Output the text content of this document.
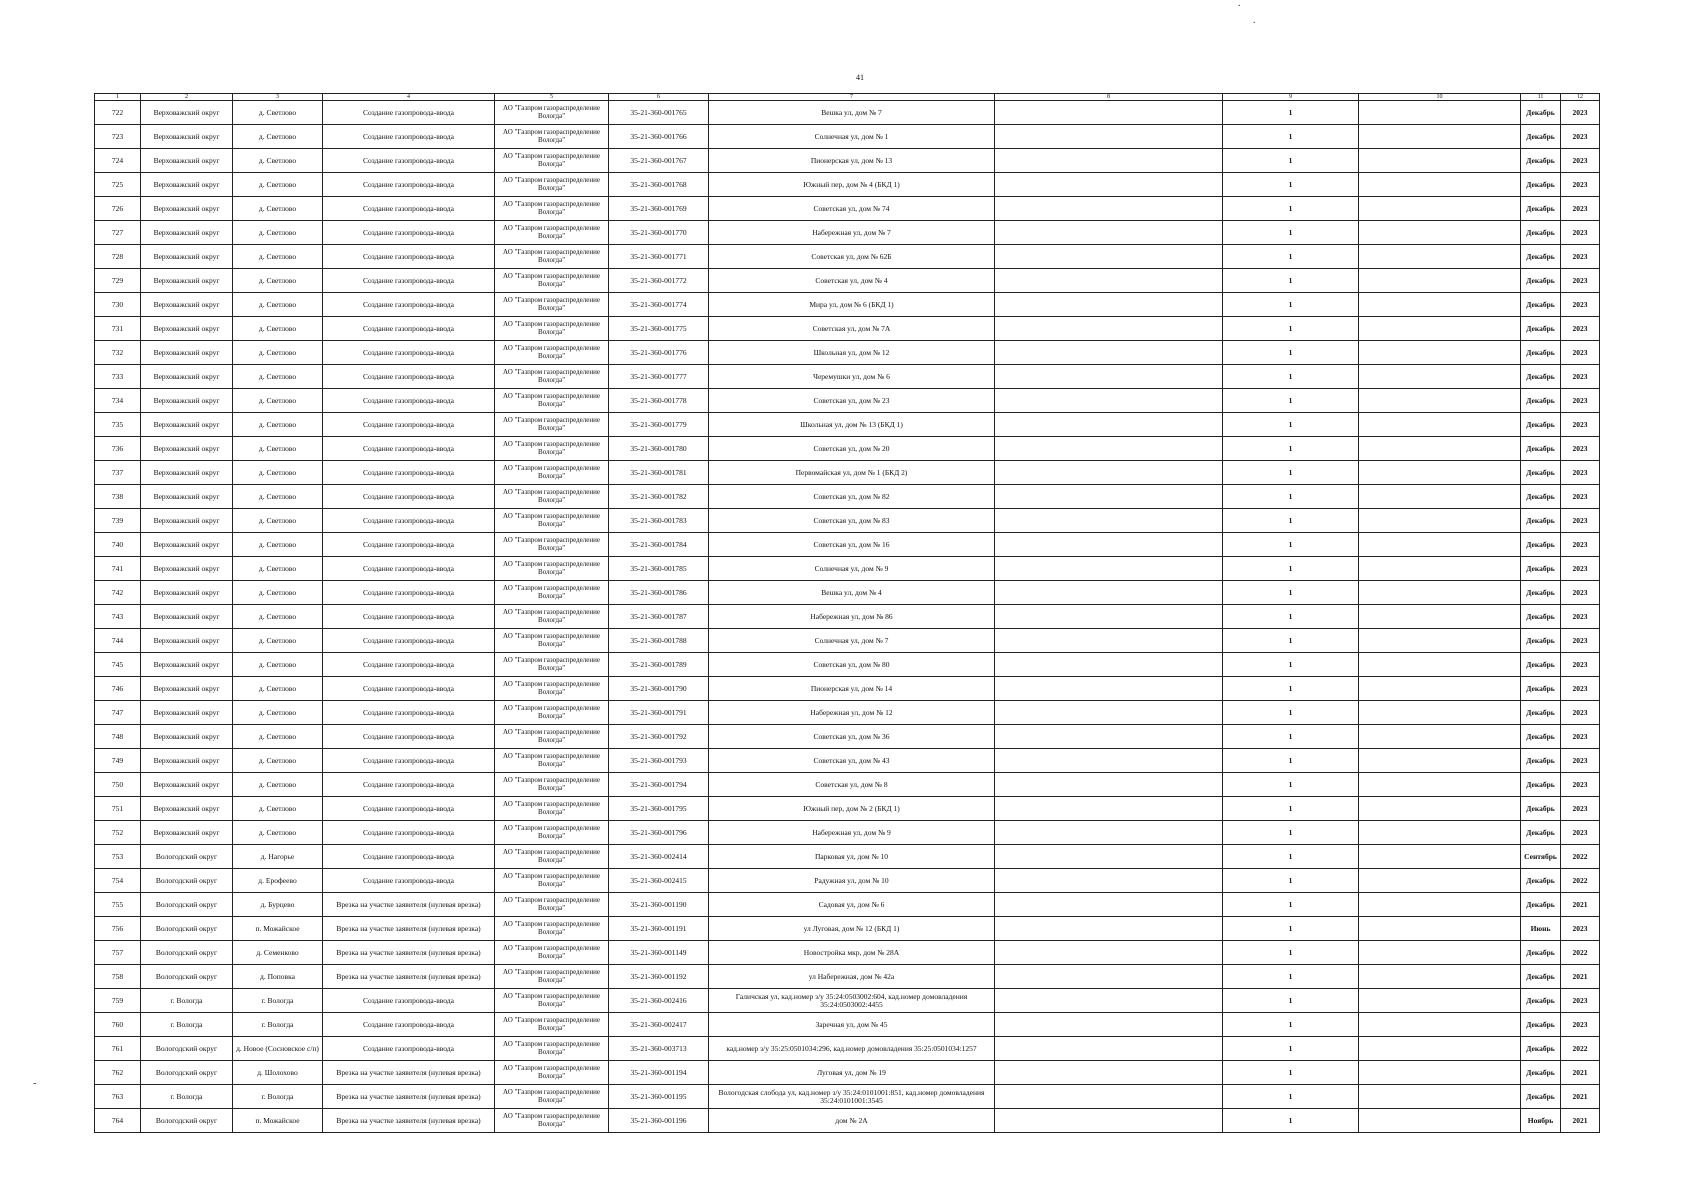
41
.
.
-
1	2	3	4	5	6	7	8	9	10	11	12
722	Верховажский округ	д. Светлово	Создание газопровода-ввода	АО "Газпром газораспределение Вологда"	35-21-360-001765	Вешка ул, дом № 7		1		Декабрь	2023
723	Верховажский округ	д. Светлово	Создание газопровода-ввода	АО "Газпром газораспределение Вологда"	35-21-360-001766	Солнечная ул, дом № 1		1		Декабрь	2023
724	Верховажский округ	д. Светлово	Создание газопровода-ввода	АО "Газпром газораспределение Вологда"	35-21-360-001767	Пионерская ул, дом № 13		1		Декабрь	2023
725	Верховажский округ	д. Светлово	Создание газопровода-ввода	АО "Газпром газораспределение Вологда"	35-21-360-001768	Южный пер, дом № 4 (БКД 1)		1		Декабрь	2023
726	Верховажский округ	д. Светлово	Создание газопровода-ввода	АО "Газпром газораспределение Вологда"	35-21-360-001769	Советская ул, дом № 74		1		Декабрь	2023
727	Верховажский округ	д. Светлово	Создание газопровода-ввода	АО "Газпром газораспределение Вологда"	35-21-360-001770	Набережная ул, дом № 7		1		Декабрь	2023
728	Верховажский округ	д. Светлово	Создание газопровода-ввода	АО "Газпром газораспределение Вологда"	35-21-360-001771	Советская ул, дом № 62Б		1		Декабрь	2023
729	Верховажский округ	д. Светлово	Создание газопровода-ввода	АО "Газпром газораспределение Вологда"	35-21-360-001772	Советская ул, дом № 4		1		Декабрь	2023
730	Верховажский округ	д. Светлово	Создание газопровода-ввода	АО "Газпром газораспределение Вологда"	35-21-360-001774	Мира ул, дом № 6 (БКД 1)		1		Декабрь	2023
731	Верховажский округ	д. Светлово	Создание газопровода-ввода	АО "Газпром газораспределение Вологда"	35-21-360-001775	Советская ул, дом № 7А		1		Декабрь	2023
732	Верховажский округ	д. Светлово	Создание газопровода-ввода	АО "Газпром газораспределение Вологда"	35-21-360-001776	Школьная ул, дом № 12		1		Декабрь	2023
733	Верховажский округ	д. Светлово	Создание газопровода-ввода	АО "Газпром газораспределение Вологда"	35-21-360-001777	Черемушки ул, дом № 6		1		Декабрь	2023
734	Верховажский округ	д. Светлово	Создание газопровода-ввода	АО "Газпром газораспределение Вологда"	35-21-360-001778	Советская ул, дом № 23		1		Декабрь	2023
735	Верховажский округ	д. Светлово	Создание газопровода-ввода	АО "Газпром газораспределение Вологда"	35-21-360-001779	Школьная ул, дом № 13 (БКД 1)		1		Декабрь	2023
736	Верховажский округ	д. Светлово	Создание газопровода-ввода	АО "Газпром газораспределение Вологда"	35-21-360-001780	Советская ул, дом № 20		1		Декабрь	2023
737	Верховажский округ	д. Светлово	Создание газопровода-ввода	АО "Газпром газораспределение Вологда"	35-21-360-001781	Первомайская ул, дом № 1 (БКД 2)		1		Декабрь	2023
738	Верховажский округ	д. Светлово	Создание газопровода-ввода	АО "Газпром газораспределение Вологда"	35-21-360-001782	Советская ул, дом № 82		1		Декабрь	2023
739	Верховажский округ	д. Светлово	Создание газопровода-ввода	АО "Газпром газораспределение Вологда"	35-21-360-001783	Советская ул, дом № 83		1		Декабрь	2023
740	Верховажский округ	д. Светлово	Создание газопровода-ввода	АО "Газпром газораспределение Вологда"	35-21-360-001784	Советская ул, дом № 16		1		Декабрь	2023
741	Верховажский округ	д. Светлово	Создание газопровода-ввода	АО "Газпром газораспределение Вологда"	35-21-360-001785	Солнечная ул, дом № 9		1		Декабрь	2023
742	Верховажский округ	д. Светлово	Создание газопровода-ввода	АО "Газпром газораспределение Вологда"	35-21-360-001786	Вешка ул, дом № 4		1		Декабрь	2023
743	Верховажский округ	д. Светлово	Создание газопровода-ввода	АО "Газпром газораспределение Вологда"	35-21-360-001787	Набережная ул, дом № 86		1		Декабрь	2023
744	Верховажский округ	д. Светлово	Создание газопровода-ввода	АО "Газпром газораспределение Вологда"	35-21-360-001788	Солнечная ул, дом № 7		1		Декабрь	2023
745	Верховажский округ	д. Светлово	Создание газопровода-ввода	АО "Газпром газораспределение Вологда"	35-21-360-001789	Советская ул, дом № 80		1		Декабрь	2023
746	Верховажский округ	д. Светлово	Создание газопровода-ввода	АО "Газпром газораспределение Вологда"	35-21-360-001790	Пионерская ул, дом № 14		1		Декабрь	2023
747	Верховажский округ	д. Светлово	Создание газопровода-ввода	АО "Газпром газораспределение Вологда"	35-21-360-001791	Набережная ул, дом № 12		1		Декабрь	2023
748	Верховажский округ	д. Светлово	Создание газопровода-ввода	АО "Газпром газораспределение Вологда"	35-21-360-001792	Советская ул, дом № 36		1		Декабрь	2023
749	Верховажский округ	д. Светлово	Создание газопровода-ввода	АО "Газпром газораспределение Вологда"	35-21-360-001793	Советская ул, дом № 43		1		Декабрь	2023
750	Верховажский округ	д. Светлово	Создание газопровода-ввода	АО "Газпром газораспределение Вологда"	35-21-360-001794	Советская ул, дом № 8		1		Декабрь	2023
751	Верховажский округ	д. Светлово	Создание газопровода-ввода	АО "Газпром газораспределение Вологда"	35-21-360-001795	Южный пер, дом № 2 (БКД 1)		1		Декабрь	2023
752	Верховажский округ	д. Светлово	Создание газопровода-ввода	АО "Газпром газораспределение Вологда"	35-21-360-001796	Набережная ул, дом № 9		1		Декабрь	2023
753	Вологодский округ	д. Нагорье	Создание газопровода-ввода	АО "Газпром газораспределение Вологда"	35-21-360-002414	Парковая ул, дом № 10		1		Сентябрь	2022
754	Вологодский округ	д. Ерофеево	Создание газопровода-ввода	АО "Газпром газораспределение Вологда"	35-21-360-002415	Радужная ул, дом № 10		1		Декабрь	2022
755	Вологодский округ	д. Бурцево	Врезка на участке заявителя (нулевая врезка)	АО "Газпром газораспределение Вологда"	35-21-360-001190	Садовая ул, дом № 6		1		Декабрь	2021
756	Вологодский округ	п. Можайское	Врезка на участке заявителя (нулевая врезка)	АО "Газпром газораспределение Вологда"	35-21-360-001191	ул Луговая, дом № 12 (БКД 1)		1		Июнь	2023
757	Вологодский округ	д. Семенково	Врезка на участке заявителя (нулевая врезка)	АО "Газпром газораспределение Вологда"	35-21-360-001149	Новостройка мкр, дом № 28А		1		Декабрь	2022
758	Вологодский округ	д. Поповка	Врезка на участке заявителя (нулевая врезка)	АО "Газпром газораспределение Вологда"	35-21-360-001192	ул Набережная, дом № 42а		1		Декабрь	2021
759	г. Вологда	г. Вологда	Создание газопровода-ввода	АО "Газпром газораспределение Вологда"	35-21-360-002416	Галичская ул, кад.номер з/у 35:24:0503002:604, кад.номер домовладения 35:24:0503002:4455		1		Декабрь	2023
760	г. Вологда	г. Вологда	Создание газопровода-ввода	АО "Газпром газораспределение Вологда"	35-21-360-002417	Заречная ул, дом № 45		1		Декабрь	2023
761	Вологодский округ	д. Новое (Сосновское с/п)	Создание газопровода-ввода	АО "Газпром газораспределение Вологда"	35-21-360-003713	кад.номер з/у 35:25:0501034:296, кад.номер домовладения 35:25:0501034:1257		1		Декабрь	2022
762	Вологодский округ	д. Шолохово	Врезка на участке заявителя (нулевая врезка)	АО "Газпром газораспределение Вологда"	35-21-360-001194	Луговая ул, дом № 19		1		Декабрь	2021
763	г. Вологда	г. Вологда	Врезка на участке заявителя (нулевая врезка)	АО "Газпром газораспределение Вологда"	35-21-360-001195	Вологодская слобода ул, кад.номер з/у 35:24:0101001:851, кад.номер домовладения 35:24:0101001:3545		1		Декабрь	2021
764	Вологодский округ	п. Можайское	Врезка на участке заявителя (нулевая врезка)	АО "Газпром газораспределение Вологда"	35-21-360-001196	дом № 2А		1		Ноябрь	2021
